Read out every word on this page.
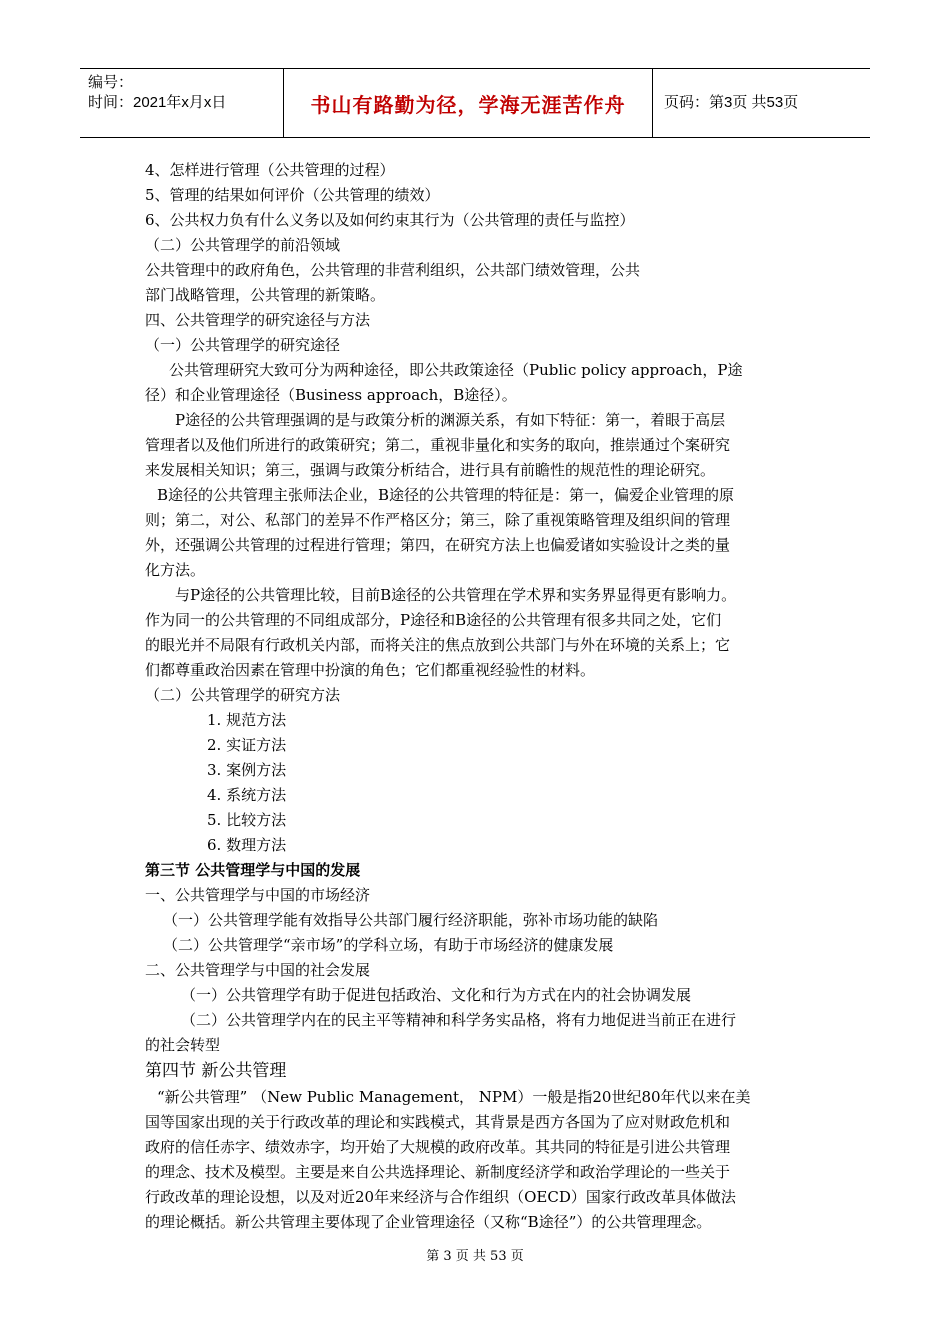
编号：
时间：2021年x月x日	书山有路勤为径，学海无涯苦作舟	页码：第3页 共53页
4、怎样进行管理（公共管理的过程）
5、管理的结果如何评价（公共管理的绩效）
6、公共权力负有什么义务以及如何约束其行为（公共管理的责任与监控）
（二）公共管理学的前沿领域
公共管理中的政府角色，公共管理的非营利组织，公共部门绩效管理，公共
部门战略管理，公共管理的新策略。
四、公共管理学的研究途径与方法
（一）公共管理学的研究途径
公共管理研究大致可分为两种途径，即公共政策途径（Public policy approach，P途
径）和企业管理途径（Business approach，B途径）。
P途径的公共管理强调的是与政策分析的渊源关系，有如下特征：第一，着眼于高层
管理者以及他们所进行的政策研究；第二，重视非量化和实务的取向，推崇通过个案研究
来发展相关知识；第三，强调与政策分析结合，进行具有前瞻性的规范性的理论研究。
B途径的公共管理主张师法企业，B途径的公共管理的特征是：第一，偏爱企业管理的原
则；第二，对公、私部门的差异不作严格区分；第三，除了重视策略管理及组织间的管理
外，还强调公共管理的过程进行管理；第四，在研究方法上也偏爱诸如实验设计之类的量
化方法。
与P途径的公共管理比较，目前B途径的公共管理在学术界和实务界显得更有影响力。
作为同一的公共管理的不同组成部分，P途径和B途径的公共管理有很多共同之处，它们
的眼光并不局限有行政机关内部，而将关注的焦点放到公共部门与外在环境的关系上；它
们都尊重政治因素在管理中扮演的角色；它们都重视经验性的材料。
（二）公共管理学的研究方法
1. 规范方法
2. 实证方法
3. 案例方法
4. 系统方法
5. 比较方法
6. 数理方法
第三节 公共管理学与中国的发展
一、公共管理学与中国的市场经济
（一）公共管理学能有效指导公共部门履行经济职能，弥补市场功能的缺陷
（二）公共管理学“亲市场”的学科立场，有助于市场经济的健康发展
二、公共管理学与中国的社会发展
（一）公共管理学有助于促进包括政治、文化和行为方式在内的社会协调发展
（二）公共管理学内在的民主平等精神和科学务实品格，将有力地促进当前正在进行
的社会转型
第四节 新公共管理
“新公共管理” （New Public Management， NPM）一般是指20世纪80年代以来在美
国等国家出现的关于行政改革的理论和实践模式，其背景是西方各国为了应对财政危机和
政府的信任赤字、绩效赤字，均开始了大规模的政府改革。其共同的特征是引进公共管理
的理念、技术及模型。主要是来自公共选择理论、新制度经济学和政治学理论的一些关于
行政改革的理论设想，以及对近20年来经济与合作组织（OECD）国家行政改革具体做法
的理论概括。新公共管理主要体现了企业管理途径（又称“B途径”）的公共管理理念。
第 3 页 共 53 页
